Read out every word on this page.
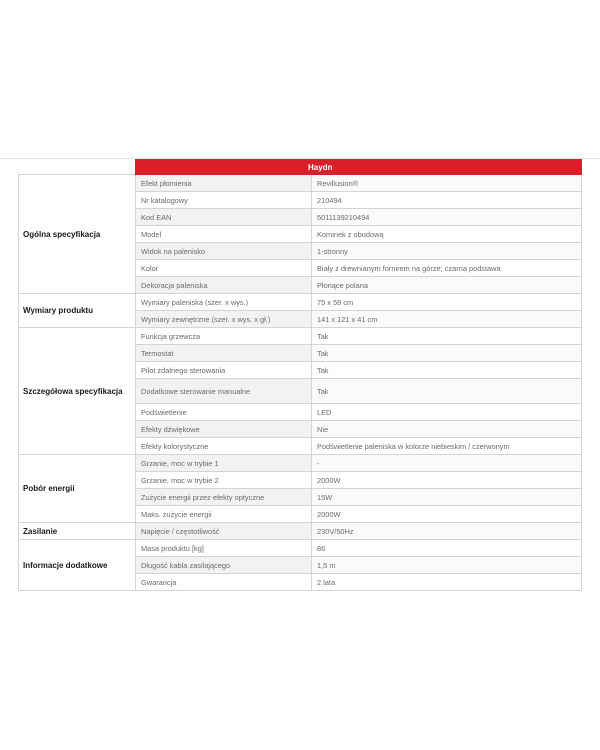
	Haydn	
Ogólna specyfikacja	Efekt płomienia	Revillusion®
	Nr katalogowy	210494
	Kod EAN	5011139210494
	Model	Kominek z obudową
	Widok na palenisko	1-stronny
	Kolor	Biały z drewnianym fornirem na górze; czarna podstawa
	Dekoracja paleniska	Płonące polana
Wymiary produktu	Wymiary paleniska (szer. x wys.)	75 x 58 cm
	Wymiary zewnętrzne (szer. x wys. x gł.)	141 x 121 x 41 cm
Szczegółowa specyfikacja	Funkcja grzewcza	Tak
	Termostat	Tak
	Pilot zdalnego sterowania	Tak
	Dodatkowe sterowanie manualne	Tak
	Podświetlenie	LED
	Efekty dźwiękowe	Nie
	Efekty kolorystyczne	Podświetlenie paleniska w kolorze niebieskim / czerwonym
Pobór energii	Grzanie, moc w trybie 1	-
	Grzanie, moc w trybie 2	2000W
	Zużycie energii przez efekty optyczne	15W
	Maks. zużycie energii	2000W
Zasilanie	Napięcie / częstotliwość	230V/50Hz
Informacje dodatkowe	Masa produktu [kg]	86
	Długość kabla zasilającego	1,5 m
	Gwarancja	2 lata
